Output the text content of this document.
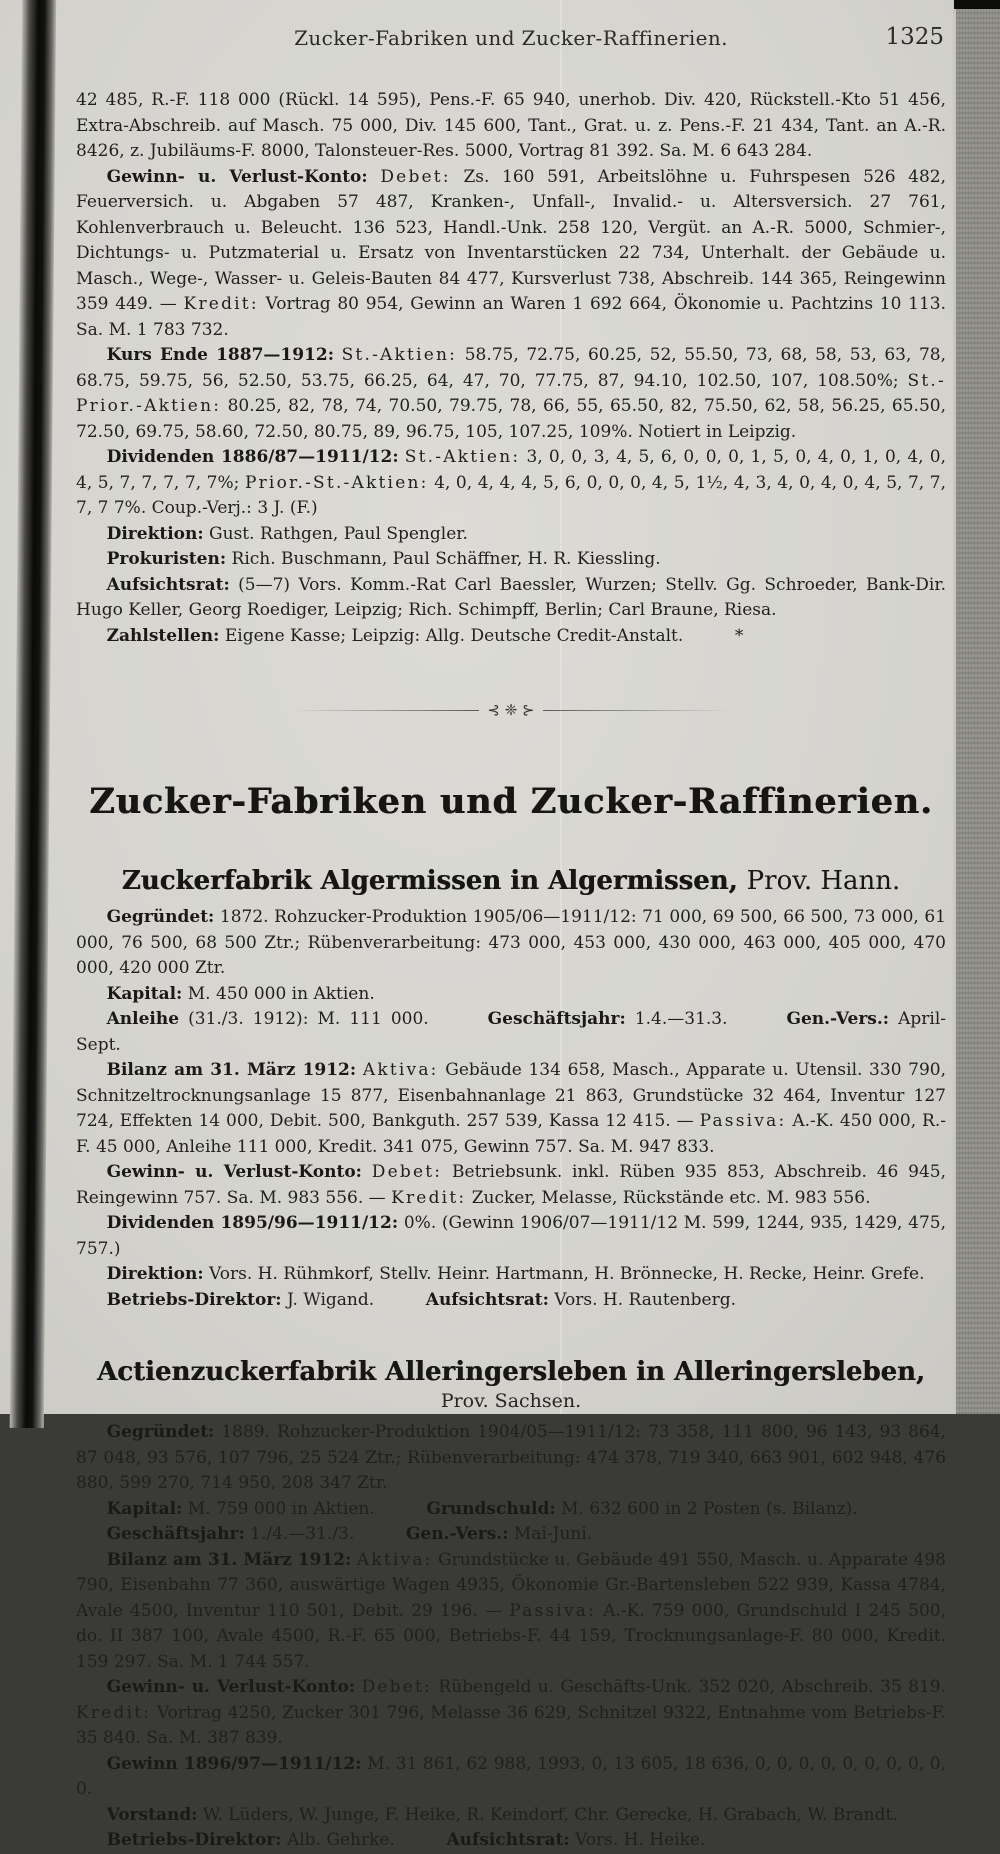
Zucker-Fabriken und Zucker-Raffinerien.	1325

42 485, R.-F. 118 000 (Rückl. 14 595), Pens.-F. 65 940, unerhob. Div. 420, Rückstell.-Kto 51 456, Extra-Abschreib. auf Masch. 75 000, Div. 145 600, Tant., Grat. u. z. Pens.-F. 21 434, Tant. an A.-R. 8426, z. Jubiläums-F. 8000, Talonsteuer-Res. 5000, Vortrag 81 392. Sa. M. 6 643 284.

Gewinn- u. Verlust-Konto: Debet: Zs. 160 591, Arbeitslöhne u. Fuhrspesen 526 482, Feuerversich. u. Abgaben 57 487, Kranken-, Unfall-, Invalid.- u. Altersversich. 27 761, Kohlenverbrauch u. Beleucht. 136 523, Handl.-Unk. 258 120, Vergüt. an A.-R. 5000, Schmier-, Dichtungs- u. Putzmaterial u. Ersatz von Inventarstücken 22 734, Unterhalt. der Gebäude u. Masch., Wege-, Wasser- u. Geleis-Bauten 84 477, Kursverlust 738, Abschreib. 144 365, Reingewinn 359 449. — Kredit: Vortrag 80 954, Gewinn an Waren 1 692 664, Ökonomie u. Pachtzins 10 113. Sa. M. 1 783 732.

Kurs Ende 1887—1912: St.-Aktien: 58.75, 72.75, 60.25, 52, 55.50, 73, 68, 58, 53, 63, 78, 68.75, 59.75, 56, 52.50, 53.75, 66.25, 64, 47, 70, 77.75, 87, 94.10, 102.50, 107, 108.50%; St.-Prior.-Aktien: 80.25, 82, 78, 74, 70.50, 79.75, 78, 66, 55, 65.50, 82, 75.50, 62, 58, 56.25, 65.50, 72.50, 69.75, 58.60, 72.50, 80.75, 89, 96.75, 105, 107.25, 109%. Notiert in Leipzig.

Dividenden 1886/87—1911/12: St.-Aktien: 3, 0, 0, 3, 4, 5, 6, 0, 0, 0, 1, 5, 0, 4, 0, 1, 0, 4, 0, 4, 5, 7, 7, 7, 7, 7%; Prior.-St.-Aktien: 4, 0, 4, 4, 4, 5, 6, 0, 0, 0, 4, 5, 1½, 4, 3, 4, 0, 4, 0, 4, 5, 7, 7, 7, 7 7%. Coup.-Verj.: 3 J. (F.)

Direktion: Gust. Rathgen, Paul Spengler.

Prokuristen: Rich. Buschmann, Paul Schäffner, H. R. Kiessling.

Aufsichtsrat: (5—7) Vors. Komm.-Rat Carl Baessler, Wurzen; Stellv. Gg. Schroeder, Bank-Dir. Hugo Keller, Georg Roediger, Leipzig; Rich. Schimpff, Berlin; Carl Braune, Riesa.

Zahlstellen: Eigene Kasse; Leipzig: Allg. Deutsche Credit-Anstalt.	*

⊰ ❈ ⊱
Zucker-Fabriken und Zucker-Raffinerien.
Zuckerfabrik Algermissen in Algermissen, Prov. Hann.

Gegründet: 1872. Rohzucker-Produktion 1905/06—1911/12: 71 000, 69 500, 66 500, 73 000, 61 000, 76 500, 68 500 Ztr.; Rübenverarbeitung: 473 000, 453 000, 430 000, 463 000, 405 000, 470 000, 420 000 Ztr.

Kapital: M. 450 000 in Aktien.

Anleihe (31./3. 1912): M. 111 000.	Geschäftsjahr: 1.4.—31.3.	Gen.-Vers.: April-Sept.

Bilanz am 31. März 1912: Aktiva: Gebäude 134 658, Masch., Apparate u. Utensil. 330 790, Schnitzeltrocknungsanlage 15 877, Eisenbahnanlage 21 863, Grundstücke 32 464, Inventur 127 724, Effekten 14 000, Debit. 500, Bankguth. 257 539, Kassa 12 415. — Passiva: A.-K. 450 000, R.-F. 45 000, Anleihe 111 000, Kredit. 341 075, Gewinn 757. Sa. M. 947 833.

Gewinn- u. Verlust-Konto: Debet: Betriebsunk. inkl. Rüben 935 853, Abschreib. 46 945, Reingewinn 757. Sa. M. 983 556. — Kredit: Zucker, Melasse, Rückstände etc. M. 983 556.

Dividenden 1895/96—1911/12: 0%. (Gewinn 1906/07—1911/12 M. 599, 1244, 935, 1429, 475, 757.)

Direktion: Vors. H. Rühmkorf, Stellv. Heinr. Hartmann, H. Brönnecke, H. Recke, Heinr. Grefe.

Betriebs-Direktor: J. Wigand.	Aufsichtsrat: Vors. H. Rautenberg.

Actienzuckerfabrik Alleringersleben in Alleringersleben,
Prov. Sachsen.

Gegründet: 1889. Rohzucker-Produktion 1904/05—1911/12: 73 358, 111 800, 96 143, 93 864, 87 048, 93 576, 107 796, 25 524 Ztr.; Rübenverarbeitung: 474 378, 719 340, 663 901, 602 948, 476 880, 599 270, 714 950, 208 347 Ztr.

Kapital: M. 759 000 in Aktien.	Grundschuld: M. 632 600 in 2 Posten (s. Bilanz).

Geschäftsjahr: 1./4.—31./3.	Gen.-Vers.: Mai-Juni.

Bilanz am 31. März 1912: Aktiva: Grundstücke u. Gebäude 491 550, Masch. u. Apparate 498 790, Eisenbahn 77 360, auswärtige Wagen 4935, Ökonomie Gr.-Bartensleben 522 939, Kassa 4784, Avale 4500, Inventur 110 501, Debit. 29 196. — Passiva: A.-K. 759 000, Grundschuld I 245 500, do. II 387 100, Avale 4500, R.-F. 65 000, Betriebs-F. 44 159, Trocknungsanlage-F. 80 000, Kredit. 159 297. Sa. M. 1 744 557.

Gewinn- u. Verlust-Konto: Debet: Rübengeld u. Geschäfts-Unk. 352 020, Abschreib. 35 819. Kredit: Vortrag 4250, Zucker 301 796, Melasse 36 629, Schnitzel 9322, Entnahme vom Betriebs-F. 35 840. Sa. M. 387 839.

Gewinn 1896/97—1911/12: M. 31 861, 62 988, 1993, 0, 13 605, 18 636, 0, 0, 0, 0, 0, 0, 0, 0, 0, 0.

Vorstand: W. Lüders, W. Junge, F. Heike, R. Keindorf, Chr. Gerecke, H. Grabach, W. Brandt.

Betriebs-Direktor: Alb. Gehrke.	Aufsichtsrat: Vors. H. Heike.
